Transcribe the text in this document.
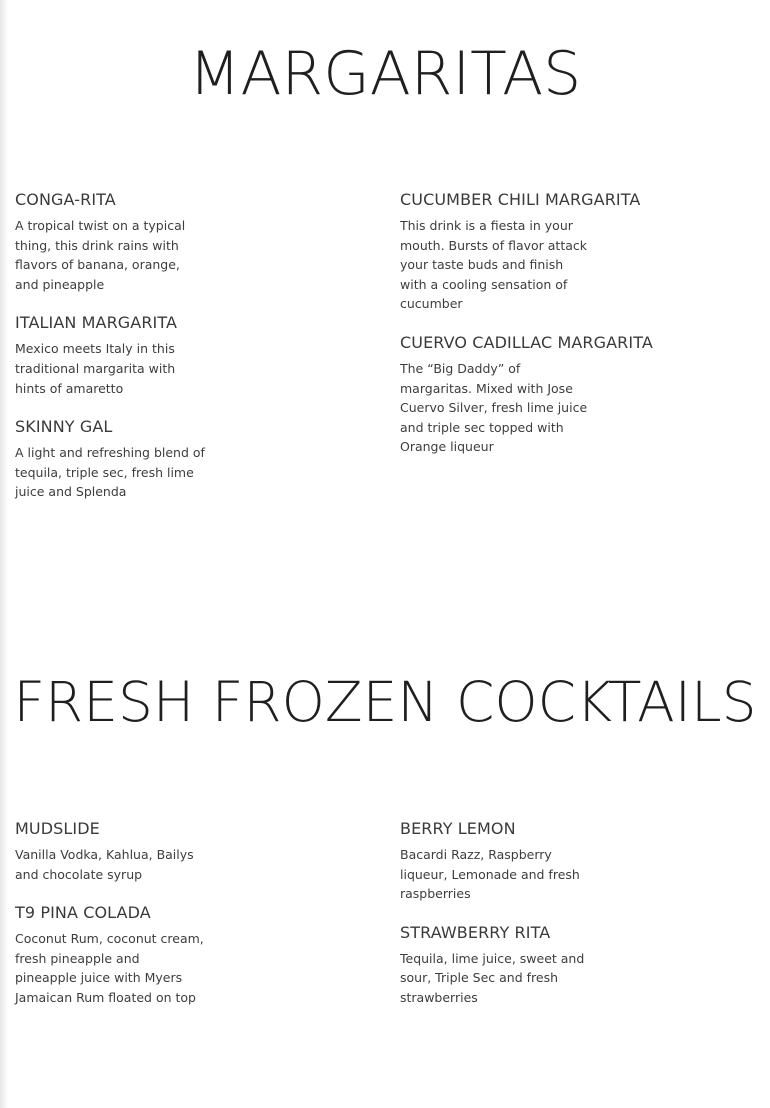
MARGARITAS
CONGA-RITA

A tropical twist on a typical thing, this drink rains with flavors of banana, orange, and pineapple

ITALIAN MARGARITA

Mexico meets Italy in this traditional margarita with hints of amaretto

SKINNY GAL

A light and refreshing blend of tequila, triple sec, fresh lime juice and Splenda

CUCUMBER CHILI MARGARITA

This drink is a fiesta in your mouth. Bursts of flavor attack your taste buds and finish with a cooling sensation of cucumber

CUERVO CADILLAC MARGARITA

The “Big Daddy” of margaritas. Mixed with Jose Cuervo Silver, fresh lime juice and triple sec topped with Orange liqueur

FRESH FROZEN COCKTAILS
MUDSLIDE

Vanilla Vodka, Kahlua, Bailys and chocolate syrup

T9 PINA COLADA

Coconut Rum, coconut cream, fresh pineapple and pineapple juice with Myers Jamaican Rum floated on top

BERRY LEMON

Bacardi Razz, Raspberry liqueur, Lemonade and fresh raspberries

STRAWBERRY RITA

Tequila, lime juice, sweet and sour, Triple Sec and fresh strawberries
